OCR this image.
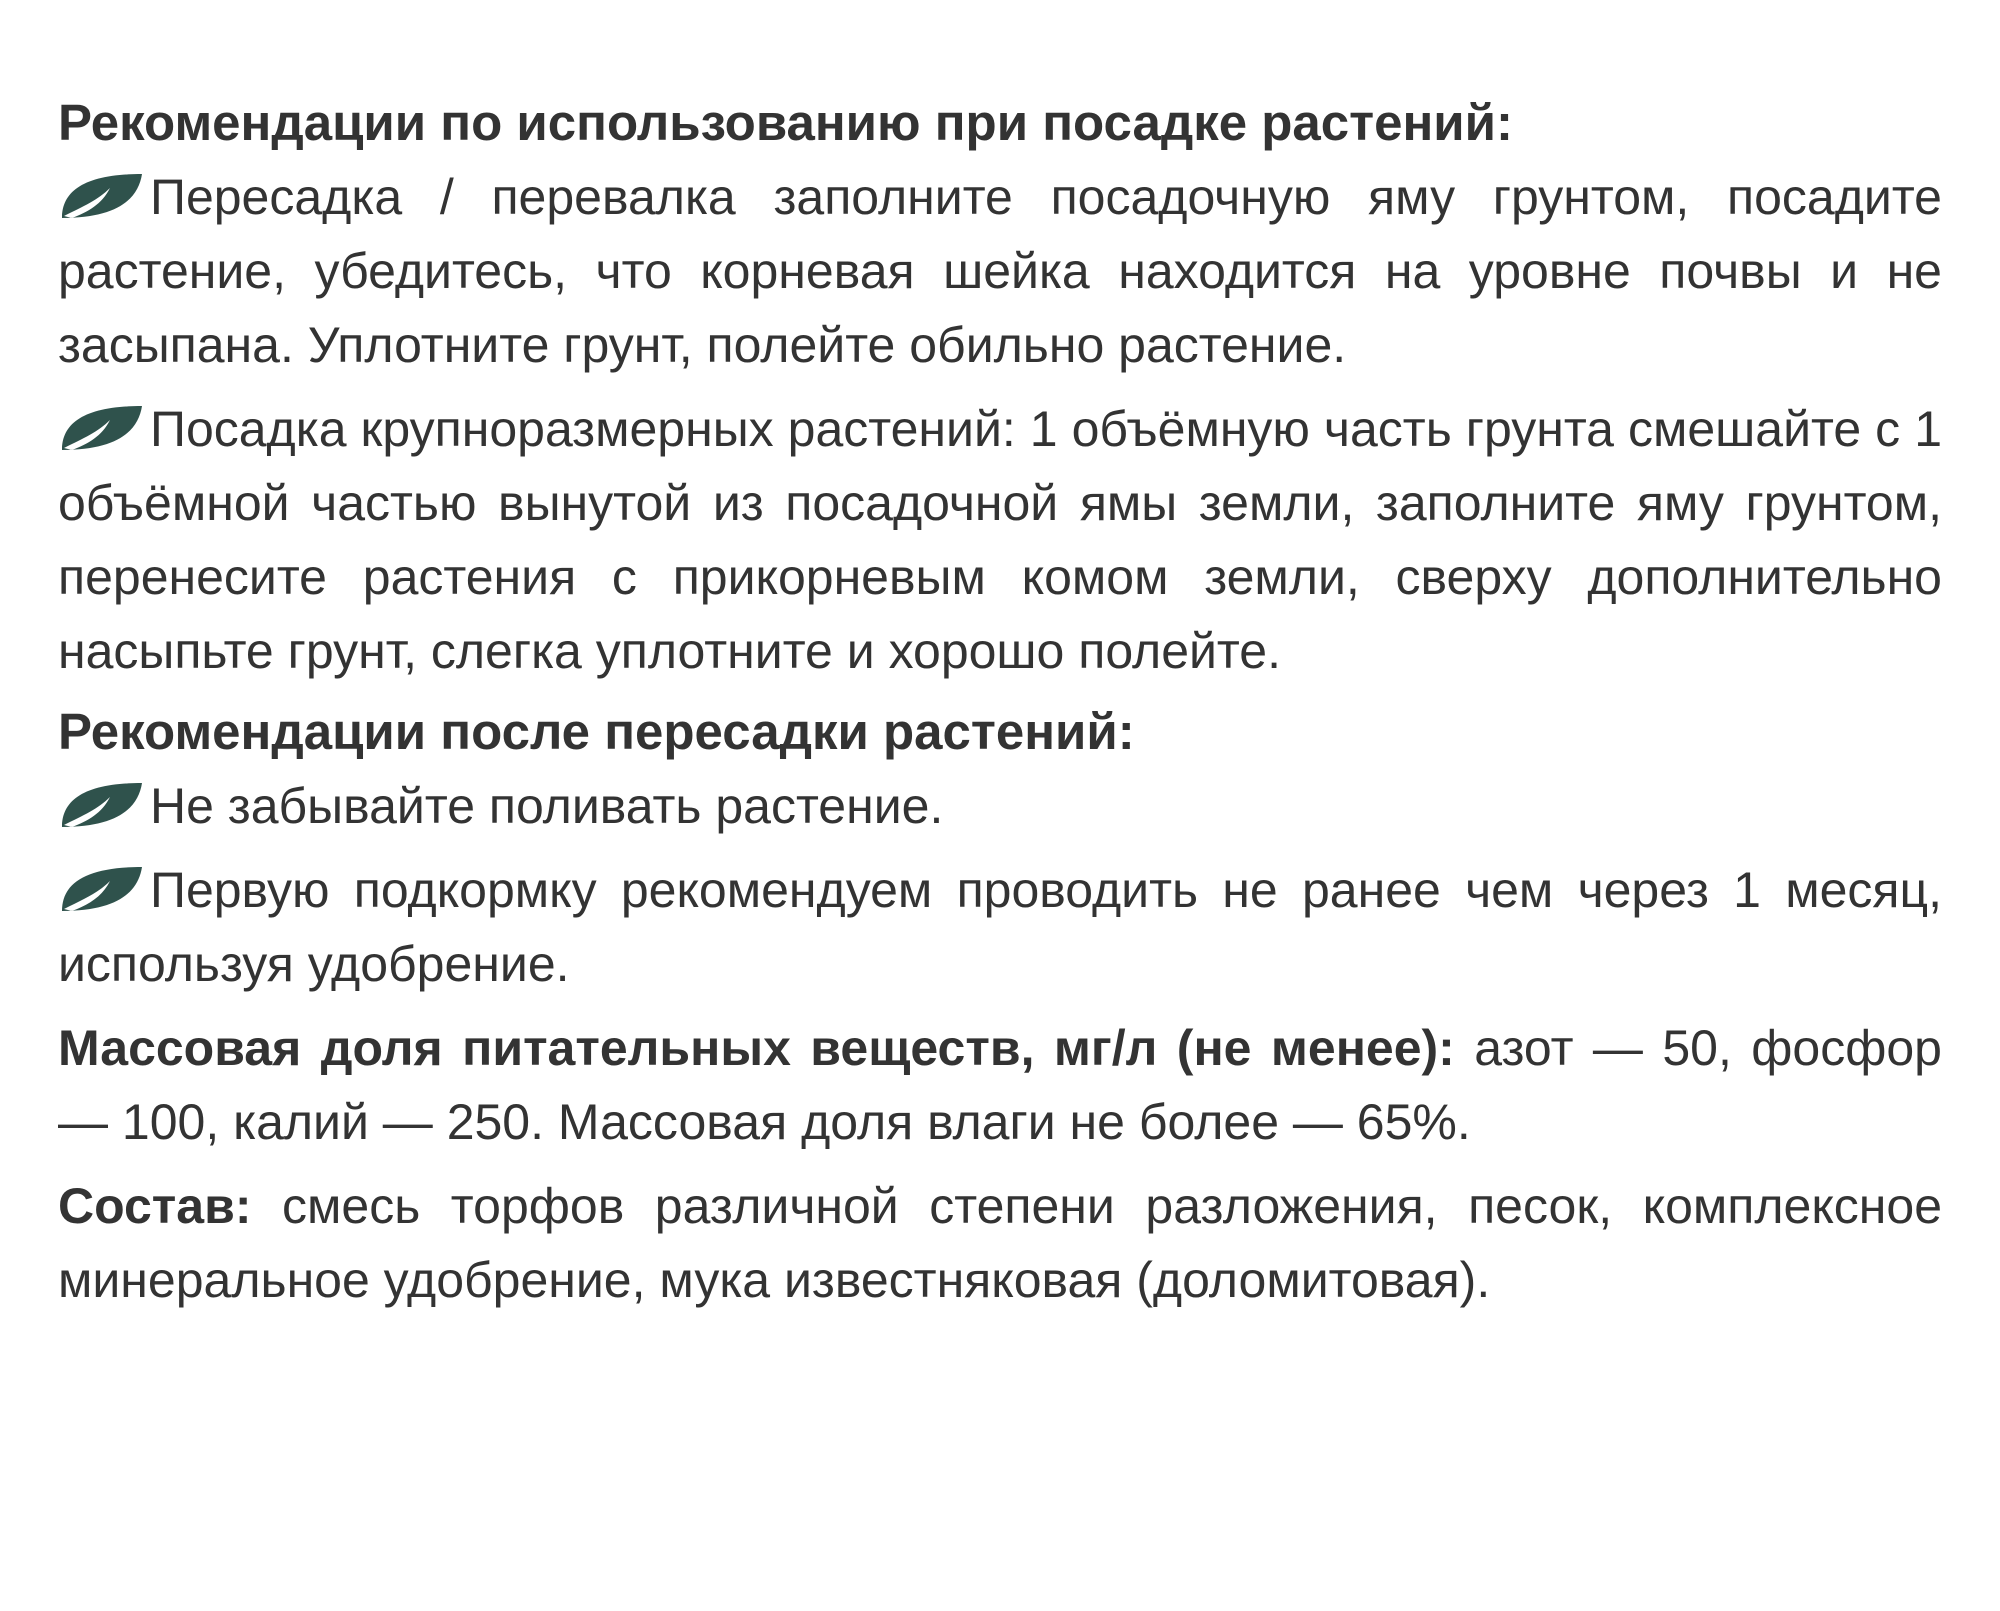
Рекомендации по использованию при посадке растений:

Пересадка / перевалка заполните посадочную яму грунтом, посадите растение, убедитесь, что корневая шейка находится на уровне почвы и не засыпана. Уплотните грунт, полейте обильно растение.

Посадка крупноразмерных растений: 1 объёмную часть грунта смешайте с 1 объёмной частью вынутой из посадочной ямы земли, заполните яму грунтом, перенесите растения с прикорневым комом земли, сверху дополнительно насыпьте грунт, слегка уплотните и хорошо полейте.

Рекомендации после пересадки растений:

Не забывайте поливать растение.

Первую подкормку рекомендуем проводить не ранее чем через 1 месяц, используя удобрение.

Массовая доля питательных веществ, мг/л (не менее): азот — 50, фосфор — 100, калий — 250. Массовая доля влаги не более — 65%.

Состав: смесь торфов различной степени разложения, песок, комплексное минеральное удобрение, мука известняковая (доломитовая).
